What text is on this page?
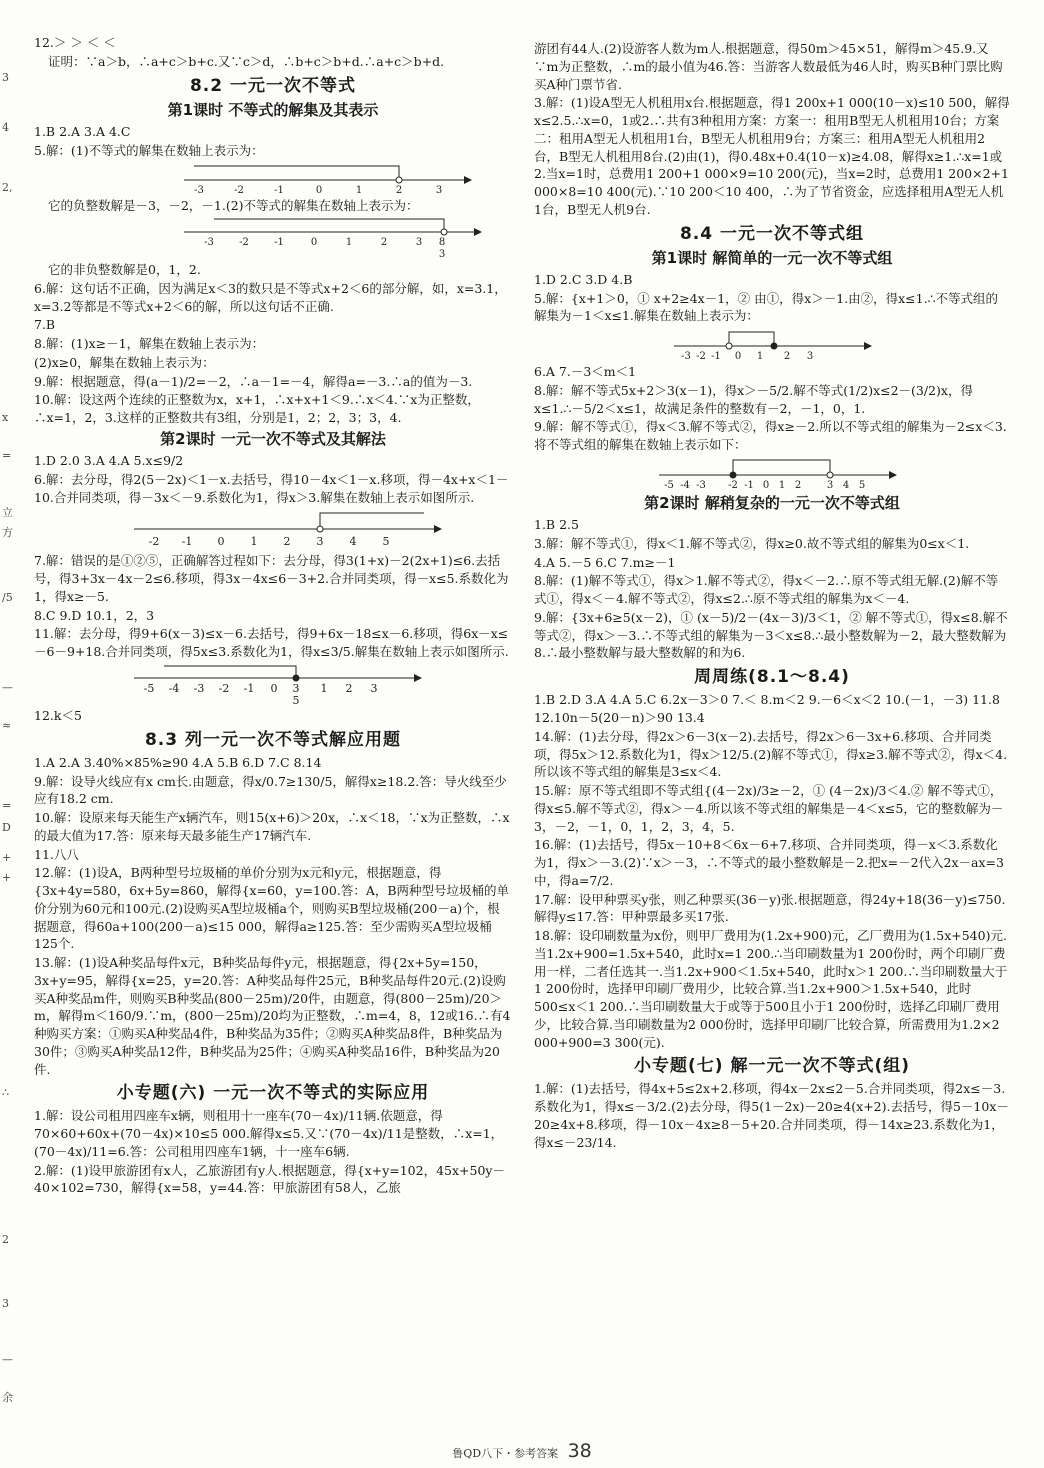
3
4
2,
x
=
立
方
/5
—
≈
=
D
+
+
∴
2
3
—
余

12.＞ ＞ ＜ ＜

证明：∵a＞b，∴a+c＞b+c.又∵c＞d，∴b+c＞b+d.∴a+c＞b+d.

8.2 一元一次不等式
第1课时 不等式的解集及其表示

1.B 2.A 3.A 4.C

5.解：(1)不等式的解集在数轴上表示为：

-3	-2	-1	0	1	2	3

它的负整数解是－3，－2，－1.(2)不等式的解集在数轴上表示为：

-3	-2	-1	0	1	2	3 8
3

它的非负整数解是0，1，2.

6.解：这句话不正确，因为满足x＜3的数只是不等式x+2＜6的部分解，如，x=3.1，x=3.2等都是不等式x+2＜6的解，所以这句话不正确.

7.B

8.解：(1)x≥－1，解集在数轴上表示为：

(2)x≥0，解集在数轴上表示为：

9.解：根据题意，得(a－1)/2=－2，∴a－1=－4，解得a=－3.∴a的值为－3.

10.解：设这两个连续的正整数为x，x+1，∴x+x+1＜9.∴x＜4.∵x为正整数，∴x=1，2，3.这样的正整数共有3组，分别是1，2；2，3；3，4.

第2课时 一元一次不等式及其解法

1.D 2.0 3.A 4.A 5.x≤9/2

6.解：去分母，得2(5－2x)＜1－x.去括号，得10－4x＜1－x.移项，得－4x+x＜1－10.合并同类项，得－3x＜－9.系数化为1，得x＞3.解集在数轴上表示如图所示.

-2 -1 0 1 2 3 4 5

7.解：错误的是①②⑤，正确解答过程如下：去分母，得3(1+x)－2(2x+1)≤6.去括号，得3+3x－4x－2≤6.移项，得3x－4x≤6－3+2.合并同类项，得－x≤5.系数化为1，得x≥－5.

8.C 9.D 10.1，2，3

11.解：去分母，得9+6(x－3)≤x－6.去括号，得9+6x－18≤x－6.移项，得6x－x≤－6－9+18.合并同类项，得5x≤3.系数化为1，得x≤3/5.解集在数轴上表示如图所示.

-5 -4 -3 -2 -1 0	1 2 3
3
5

12.k＜5

8.3 列一元一次不等式解应用题

1.A 2.A 3.40%×85%≥90 4.A 5.B 6.D 7.C 8.14

9.解：设导火线应有x cm长.由题意，得x/0.7≥130/5，解得x≥18.2.答：导火线至少应有18.2 cm.

10.解：设原来每天能生产x辆汽车，则15(x+6)＞20x，∴x＜18，∵x为正整数，∴x的最大值为17.答：原来每天最多能生产17辆汽车.

11.八八

12.解：(1)设A，B两种型号垃圾桶的单价分别为x元和y元，根据题意，得{3x+4y=580，6x+5y=860，解得{x=60，y=100.答：A，B两种型号垃圾桶的单价分别为60元和100元.(2)设购买A型垃圾桶a个，则购买B型垃圾桶(200－a)个，根据题意，得60a+100(200－a)≤15 000，解得a≥125.答：至少需购买A型垃圾桶125个.

13.解：(1)设A种奖品每件x元，B种奖品每件y元，根据题意，得{2x+5y=150，3x+y=95，解得{x=25，y=20.答：A种奖品每件25元，B种奖品每件20元.(2)设购买A种奖品m件，则购买B种奖品(800－25m)/20件，由题意，得(800－25m)/20＞m，解得m＜160/9.∵m，(800－25m)/20均为正整数，∴m=4，8，12或16.∴有4种购买方案：①购买A种奖品4件，B种奖品为35件；②购买A种奖品8件，B种奖品为30件；③购买A种奖品12件，B种奖品为25件；④购买A种奖品16件，B种奖品为20件.

小专题(六) 一元一次不等式的实际应用

1.解：设公司租用四座车x辆，则租用十一座车(70－4x)/11辆.依题意，得70×60+60x+(70－4x)×10≤5 000.解得x≤5.又∵(70－4x)/11是整数，∴x=1，(70－4x)/11=6.答：公司租用四座车1辆，十一座车6辆.

2.解：(1)设甲旅游团有x人，乙旅游团有y人.根据题意，得{x+y=102，45x+50y－40×102=730，解得{x=58，y=44.答：甲旅游团有58人，乙旅

游团有44人.(2)设游客人数为m人.根据题意，得50m＞45×51，解得m＞45.9.又∵m为正整数，∴m的最小值为46.答：当游客人数最低为46人时，购买B种门票比购买A种门票节省.

3.解：(1)设A型无人机租用x台.根据题意，得1 200x+1 000(10－x)≤10 500，解得x≤2.5.∴x=0，1或2.∴共有3种租用方案：方案一：租用B型无人机租用10台；方案二：租用A型无人机租用1台，B型无人机租用9台；方案三：租用A型无人机租用2台，B型无人机租用8台.(2)由(1)，得0.48x+0.4(10－x)≥4.08，解得x≥1.∴x=1或2.当x=1时，总费用1 200+1 000×9=10 200(元)，当x=2时，总费用1 200×2+1 000×8=10 400(元).∵10 200＜10 400，∴为了节省资金，应选择租用A型无人机1台，B型无人机9台.

8.4 一元一次不等式组
第1课时 解简单的一元一次不等式组

1.D 2.C 3.D 4.B

5.解：{x+1＞0，① x+2≥4x－1，② 由①，得x＞－1.由②，得x≤1.∴不等式组的解集为－1＜x≤1.解集在数轴上表示为：

-3 -2 -1 0 1 2 3

6.A 7.－3＜m＜1

8.解：解不等式5x+2＞3(x－1)，得x＞－5/2.解不等式(1/2)x≤2－(3/2)x，得x≤1.∴－5/2＜x≤1，故满足条件的整数有－2，－1，0，1.

9.解：解不等式①，得x＜3.解不等式②，得x≥－2.所以不等式组的解集为－2≤x＜3.将不等式组的解集在数轴上表示如下：

-5 -4 -3 -2 -1 0 1 2	3 4 5
第2课时 解稍复杂的一元一次不等式组

1.B 2.5

3.解：解不等式①，得x＜1.解不等式②，得x≥0.故不等式组的解集为0≤x＜1.

4.A 5.－5 6.C 7.m≥－1

8.解：(1)解不等式①，得x＞1.解不等式②，得x＜－2.∴原不等式组无解.(2)解不等式①，得x＜－4.解不等式②，得x≤2.∴原不等式组的解集为x＜－4.

9.解：{3x+6≥5(x－2)，① (x－5)/2－(4x－3)/3＜1，② 解不等式①，得x≤8.解不等式②，得x＞－3.∴不等式组的解集为－3＜x≤8.∴最小整数解为－2，最大整数解为8.∴最小整数解与最大整数解的和为6.

周周练(8.1～8.4)

1.B 2.D 3.A 4.A 5.C 6.2x－3＞0 7.＜ 8.m＜2 9.－6＜x＜2 10.(－1，－3) 11.8 12.10n－5(20－n)＞90 13.4

14.解：(1)去分母，得2x＞6－3(x－2).去括号，得2x＞6－3x+6.移项、合并同类项，得5x＞12.系数化为1，得x＞12/5.(2)解不等式①，得x≥3.解不等式②，得x＜4.所以该不等式组的解集是3≤x＜4.

15.解：原不等式组即不等式组{(4－2x)/3≥－2，① (4－2x)/3＜4.② 解不等式①，得x≤5.解不等式②，得x＞－4.所以该不等式组的解集是－4＜x≤5，它的整数解为－3，－2，－1，0，1，2，3，4，5.

16.解：(1)去括号，得5x－10+8＜6x－6+7.移项、合并同类项，得－x＜3.系数化为1，得x＞－3.(2)∵x＞－3，∴不等式的最小整数解是－2.把x=－2代入2x－ax=3中，得a=7/2.

17.解：设甲种票买y张，则乙种票买(36－y)张.根据题意，得24y+18(36－y)≤750.解得y≤17.答：甲种票最多买17张.

18.解：设印刷数量为x份，则甲厂费用为(1.2x+900)元，乙厂费用为(1.5x+540)元.当1.2x+900=1.5x+540，此时x=1 200.∴当印刷数量为1 200份时，两个印刷厂费用一样，二者任选其一.当1.2x+900＜1.5x+540，此时x＞1 200.∴当印刷数量大于1 200份时，选择甲印刷厂费用少，比较合算.当1.2x+900＞1.5x+540，此时500≤x＜1 200.∴当印刷数量大于或等于500且小于1 200份时，选择乙印刷厂费用少，比较合算.当印刷数量为2 000份时，选择甲印刷厂比较合算，所需费用为1.2×2 000+900=3 300(元).

小专题(七) 解一元一次不等式(组)

1.解：(1)去括号，得4x+5≤2x+2.移项，得4x－2x≤2－5.合并同类项，得2x≤－3.系数化为1，得x≤－3/2.(2)去分母，得5(1－2x)－20≥4(x+2).去括号，得5－10x－20≥4x+8.移项，得－10x－4x≥8－5+20.合并同类项，得－14x≥23.系数化为1，得x≤－23/14.

鲁QD八下・参考答案 38
